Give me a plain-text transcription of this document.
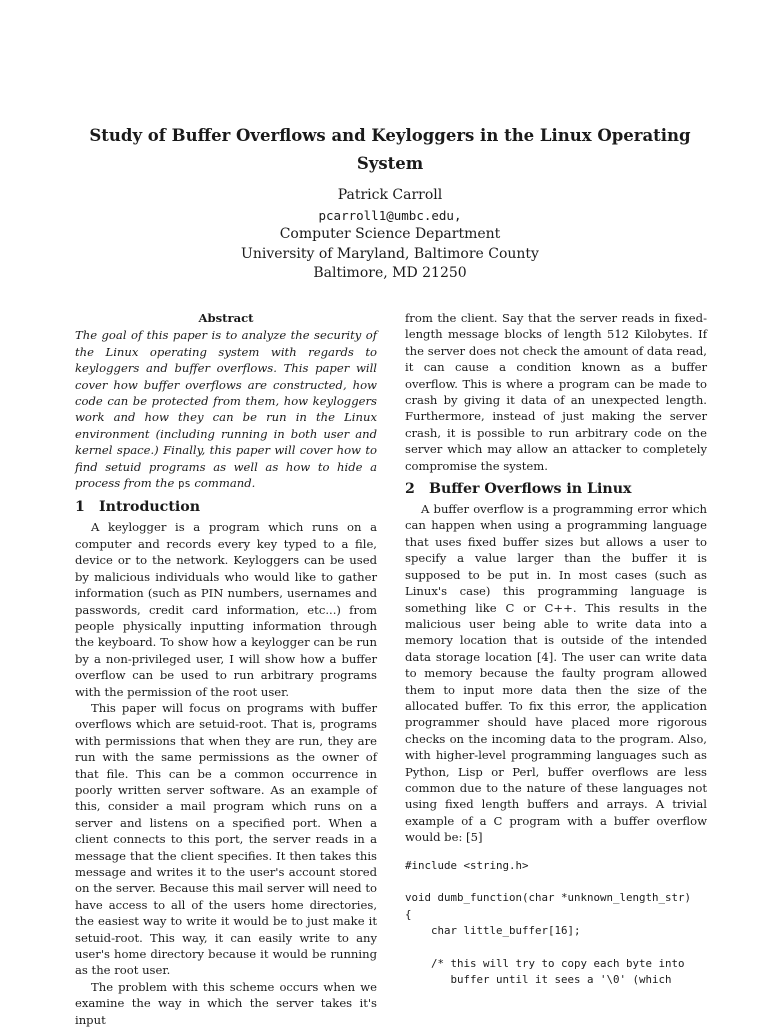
Study of Buffer Overflows and Keyloggers in the Linux Operating System
Patrick Carroll
pcarroll1@umbc.edu,
Computer Science Department
University of Maryland, Baltimore County
Baltimore, MD 21250
Abstract

The goal of this paper is to analyze the security of the Linux operating system with regards to keyloggers and buffer overflows. This paper will cover how buffer overflows are constructed, how code can be protected from them, how keyloggers work and how they can be run in the Linux environment (including running in both user and kernel space.) Finally, this paper will cover how to find setuid programs as well as how to hide a process from the ps command.

1 Introduction

A keylogger is a program which runs on a computer and records every key typed to a file, device or to the network. Keyloggers can be used by malicious individuals who would like to gather information (such as PIN numbers, usernames and passwords, credit card information, etc...) from people physically inputting information through the keyboard. To show how a keylogger can be run by a non-privileged user, I will show how a buffer overflow can be used to run arbitrary programs with the permission of the root user.

This paper will focus on programs with buffer overflows which are setuid-root. That is, programs with permissions that when they are run, they are run with the same permissions as the owner of that file. This can be a common occurrence in poorly written server software. As an example of this, consider a mail program which runs on a server and listens on a specified port. When a client connects to this port, the server reads in a message that the client specifies. It then takes this message and writes it to the user's account stored on the server. Because this mail server will need to have access to all of the users home directories, the easiest way to write it would be to just make it setuid-root. This way, it can easily write to any user's home directory because it would be running as the root user.

The problem with this scheme occurs when we examine the way in which the server takes it's input

from the client. Say that the server reads in fixed-length message blocks of length 512 Kilobytes. If the server does not check the amount of data read, it can cause a condition known as a buffer overflow. This is where a program can be made to crash by giving it data of an unexpected length. Furthermore, instead of just making the server crash, it is possible to run arbitrary code on the server which may allow an attacker to completely compromise the system.

2 Buffer Overflows in Linux

A buffer overflow is a programming error which can happen when using a programming language that uses fixed buffer sizes but allows a user to specify a value larger than the buffer it is supposed to be put in. In most cases (such as Linux's case) this programming language is something like C or C++. This results in the malicious user being able to write data into a memory location that is outside of the intended data storage location [4]. The user can write data to memory because the faulty program allowed them to input more data then the size of the allocated buffer. To fix this error, the application programmer should have placed more rigorous checks on the incoming data to the program. Also, with higher-level programming languages such as Python, Lisp or Perl, buffer overflows are less common due to the nature of these languages not using fixed length buffers and arrays. A trivial example of a C program with a buffer overflow would be: [5]

#include <string.h>

void dumb_function(char *unknown_length_str)
{
char little_buffer[16];

/* this will try to copy each byte into
buffer until it sees a '\0' (which
